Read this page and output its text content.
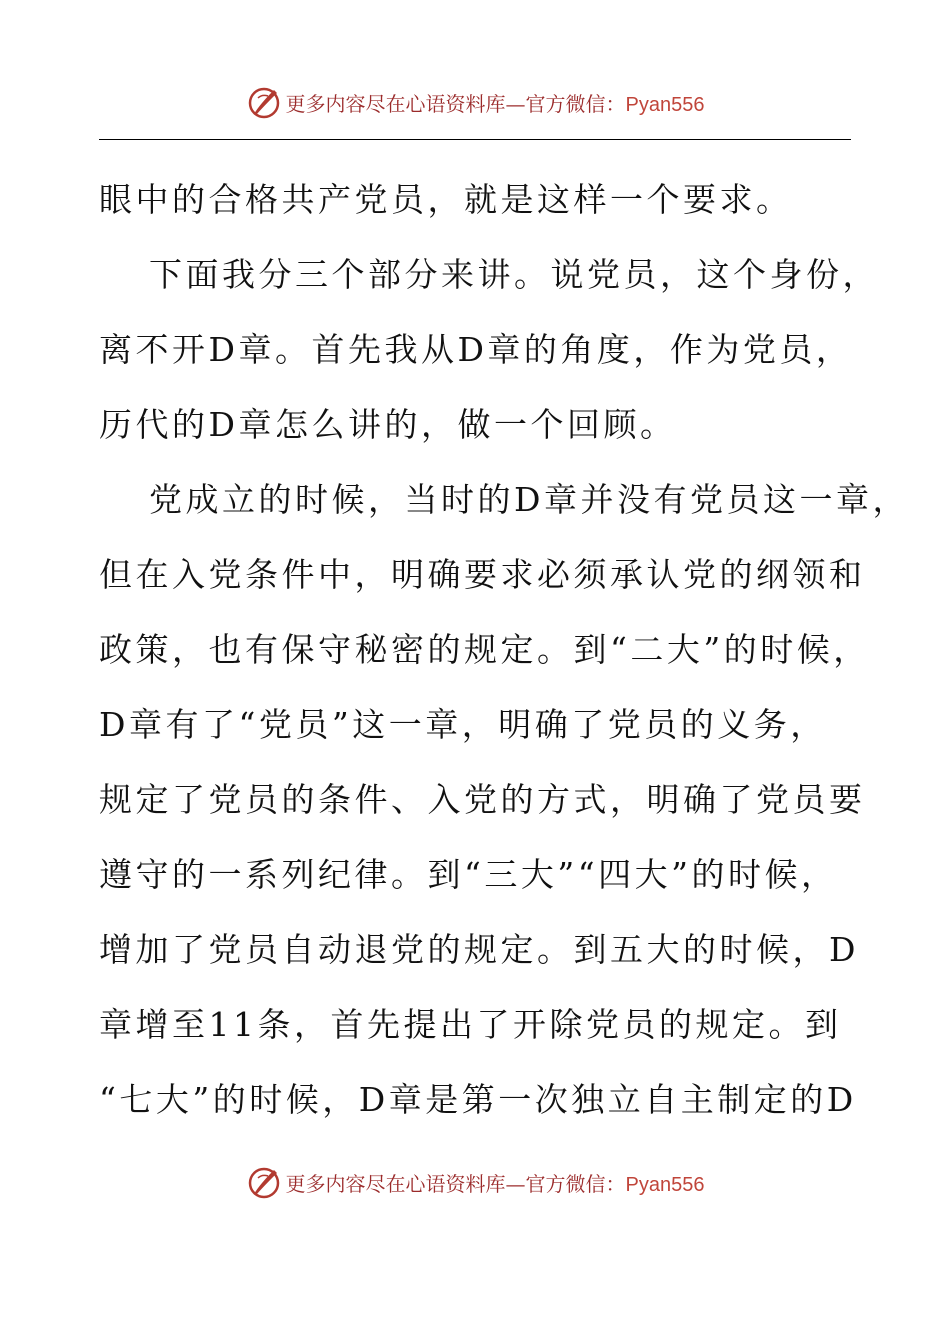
更多内容尽在心语资料库—官方微信：Pyan556
眼中的合格共产党员，就是这样一个要求。
下面我分三个部分来讲。说党员，这个身份，
离不开D章。首先我从D章的角度，作为党员，
历代的D章怎么讲的，做一个回顾。
党成立的时候，当时的D章并没有党员这一章，
但在入党条件中，明确要求必须承认党的纲领和
政策，也有保守秘密的规定。到“二大”的时候，
D章有了“党员”这一章，明确了党员的义务，
规定了党员的条件、入党的方式，明确了党员要
遵守的一系列纪律。到“三大”“四大”的时候，
增加了党员自动退党的规定。到五大的时候，D
章增至11条，首先提出了开除党员的规定。到
“七大”的时候，D章是第一次独立自主制定的D
更多内容尽在心语资料库—官方微信：Pyan556
